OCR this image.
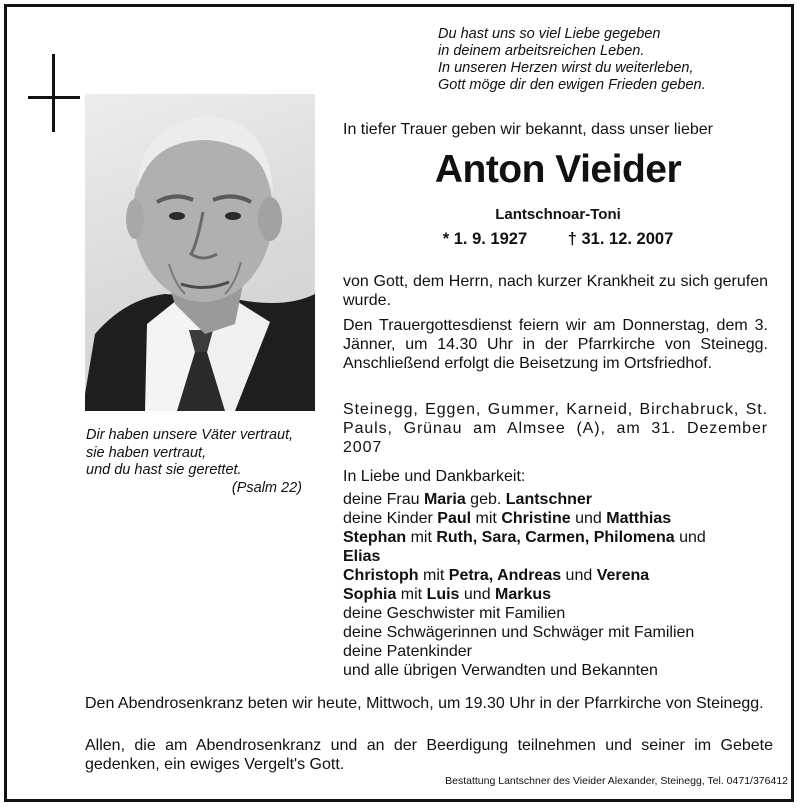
Du hast uns so viel Liebe gegeben
in deinem arbeitsreichen Leben.
In unseren Herzen wirst du weiterleben,
Gott möge dir den ewigen Frieden geben.
Dir haben unsere Väter vertraut,
sie haben vertraut,
und du hast sie gerettet.
(Psalm 22)
In tiefer Trauer geben wir bekannt, dass unser lieber
Anton Vieider
Lantschnoar-Toni
* 1. 9. 1927 † 31. 12. 2007
von Gott, dem Herrn, nach kurzer Krankheit zu sich gerufen wurde.
Den Trauergottesdienst feiern wir am Donnerstag, dem 3. Jänner, um 14.30 Uhr in der Pfarrkirche von Steinegg. Anschließend erfolgt die Beisetzung im Ortsfriedhof.
Steinegg, Eggen, Gummer, Karneid, Birchabruck, St. Pauls, Grünau am Almsee (A), am 31. Dezember 2007
In Liebe und Dankbarkeit:
deine Frau Maria geb. Lantschner
deine Kinder Paul mit Christine und Matthias
Stephan mit Ruth, Sara, Carmen, Philomena und
Elias
Christoph mit Petra, Andreas und Verena
Sophia mit Luis und Markus
deine Geschwister mit Familien
deine Schwägerinnen und Schwäger mit Familien
deine Patenkinder
und alle übrigen Verwandten und Bekannten
Den Abendrosenkranz beten wir heute, Mittwoch, um 19.30 Uhr in der Pfarrkirche von Steinegg.
Allen, die am Abendrosenkranz und an der Beerdigung teilnehmen und seiner im Gebete gedenken, ein ewiges Vergelt's Gott.
Bestattung Lantschner des Vieider Alexander, Steinegg, Tel. 0471/376412
